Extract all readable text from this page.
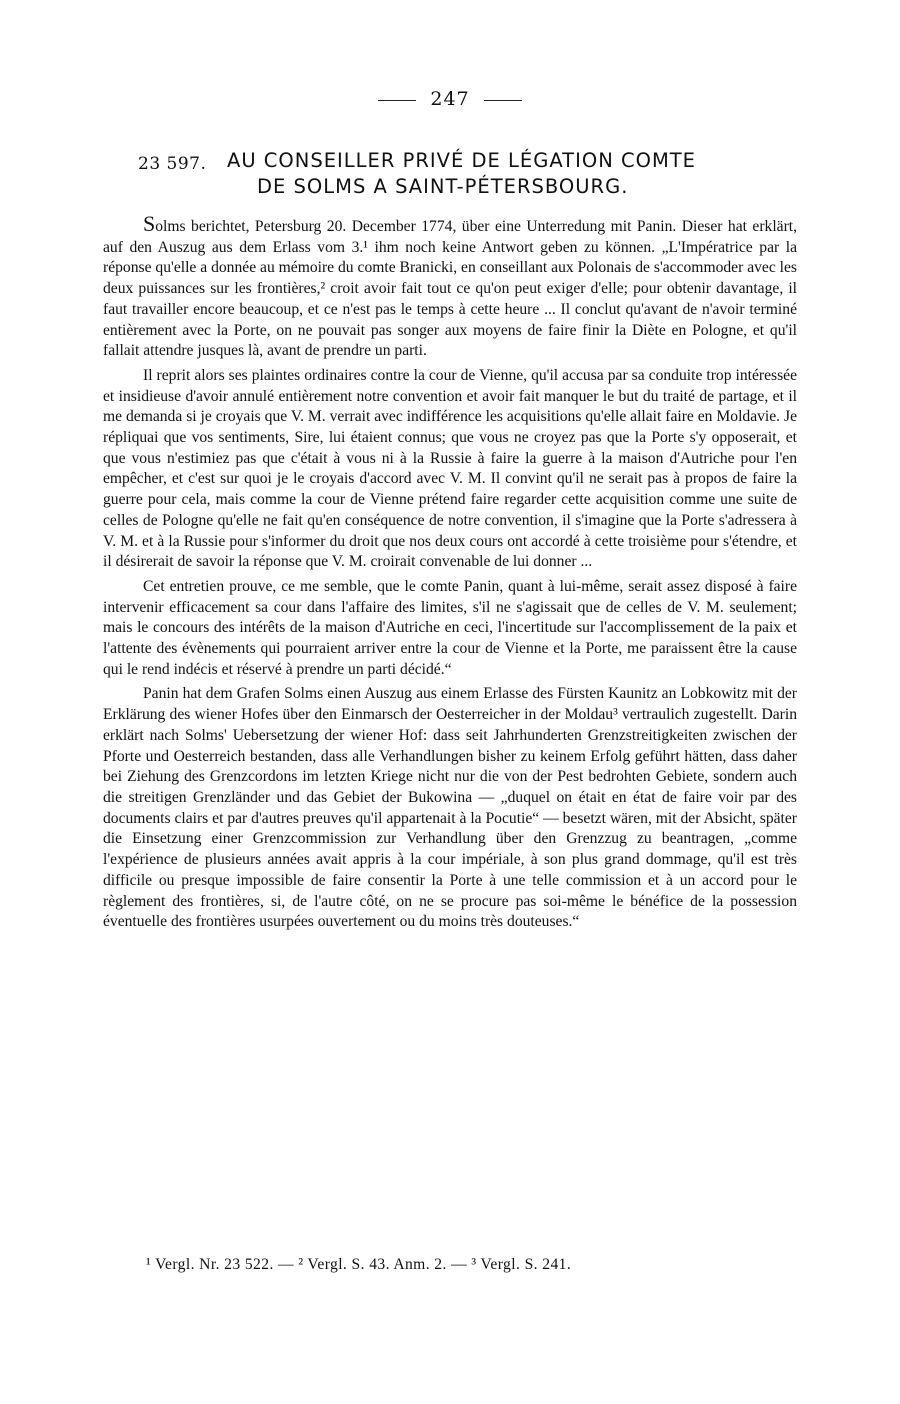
247
23 597.	AU CONSEILLER PRIVÉ DE LÉGATION COMTE
DE SOLMS A SAINT-PÉTERSBOURG.

Solms berichtet, Petersburg 20. December 1774, über eine Unterredung mit Panin. Dieser hat erklärt, auf den Auszug aus dem Erlass vom 3.¹ ihm noch keine Antwort geben zu können. „L'Impératrice par la réponse qu'elle a donnée au mémoire du comte Branicki, en conseillant aux Polonais de s'accommoder avec les deux puissances sur les frontières,² croit avoir fait tout ce qu'on peut exiger d'elle; pour obtenir davantage, il faut travailler encore beaucoup, et ce n'est pas le temps à cette heure ... Il conclut qu'avant de n'avoir terminé entièrement avec la Porte, on ne pouvait pas songer aux moyens de faire finir la Diète en Pologne, et qu'il fallait attendre jusques là, avant de prendre un parti.

Il reprit alors ses plaintes ordinaires contre la cour de Vienne, qu'il accusa par sa conduite trop intéressée et insidieuse d'avoir annulé entièrement notre convention et avoir fait manquer le but du traité de partage, et il me demanda si je croyais que V. M. verrait avec indifférence les acquisitions qu'elle allait faire en Moldavie. Je répliquai que vos sentiments, Sire, lui étaient connus; que vous ne croyez pas que la Porte s'y opposerait, et que vous n'estimiez pas que c'était à vous ni à la Russie à faire la guerre à la maison d'Autriche pour l'en empêcher, et c'est sur quoi je le croyais d'accord avec V. M. Il convint qu'il ne serait pas à propos de faire la guerre pour cela, mais comme la cour de Vienne prétend faire regarder cette acquisition comme une suite de celles de Pologne qu'elle ne fait qu'en conséquence de notre convention, il s'imagine que la Porte s'adressera à V. M. et à la Russie pour s'informer du droit que nos deux cours ont accordé à cette troisième pour s'étendre, et il désirerait de savoir la réponse que V. M. croirait convenable de lui donner ...

Cet entretien prouve, ce me semble, que le comte Panin, quant à lui-même, serait assez disposé à faire intervenir efficacement sa cour dans l'affaire des limites, s'il ne s'agissait que de celles de V. M. seulement; mais le concours des intérêts de la maison d'Autriche en ceci, l'incertitude sur l'accomplissement de la paix et l'attente des évènements qui pourraient arriver entre la cour de Vienne et la Porte, me paraissent être la cause qui le rend indécis et réservé à prendre un parti décidé.“

Panin hat dem Grafen Solms einen Auszug aus einem Erlasse des Fürsten Kaunitz an Lobkowitz mit der Erklärung des wiener Hofes über den Einmarsch der Oesterreicher in der Moldau³ vertraulich zugestellt. Darin erklärt nach Solms' Uebersetzung der wiener Hof: dass seit Jahrhunderten Grenzstreitigkeiten zwischen der Pforte und Oesterreich bestanden, dass alle Verhandlungen bisher zu keinem Erfolg geführt hätten, dass daher bei Ziehung des Grenzcordons im letzten Kriege nicht nur die von der Pest bedrohten Gebiete, sondern auch die streitigen Grenzländer und das Gebiet der Bukowina — „duquel on était en état de faire voir par des documents clairs et par d'autres preuves qu'il appartenait à la Pocutie“ — besetzt wären, mit der Absicht, später die Einsetzung einer Grenzcommission zur Verhandlung über den Grenzzug zu beantragen, „comme l'expérience de plusieurs années avait appris à la cour impériale, à son plus grand dommage, qu'il est très difficile ou presque impossible de faire consentir la Porte à une telle commission et à un accord pour le règlement des frontières, si, de l'autre côté, on ne se procure pas soi-même le bénéfice de la possession éventuelle des frontières usurpées ouvertement ou du moins très douteuses.“

¹ Vergl. Nr. 23 522. — ² Vergl. S. 43. Anm. 2. — ³ Vergl. S. 241.
